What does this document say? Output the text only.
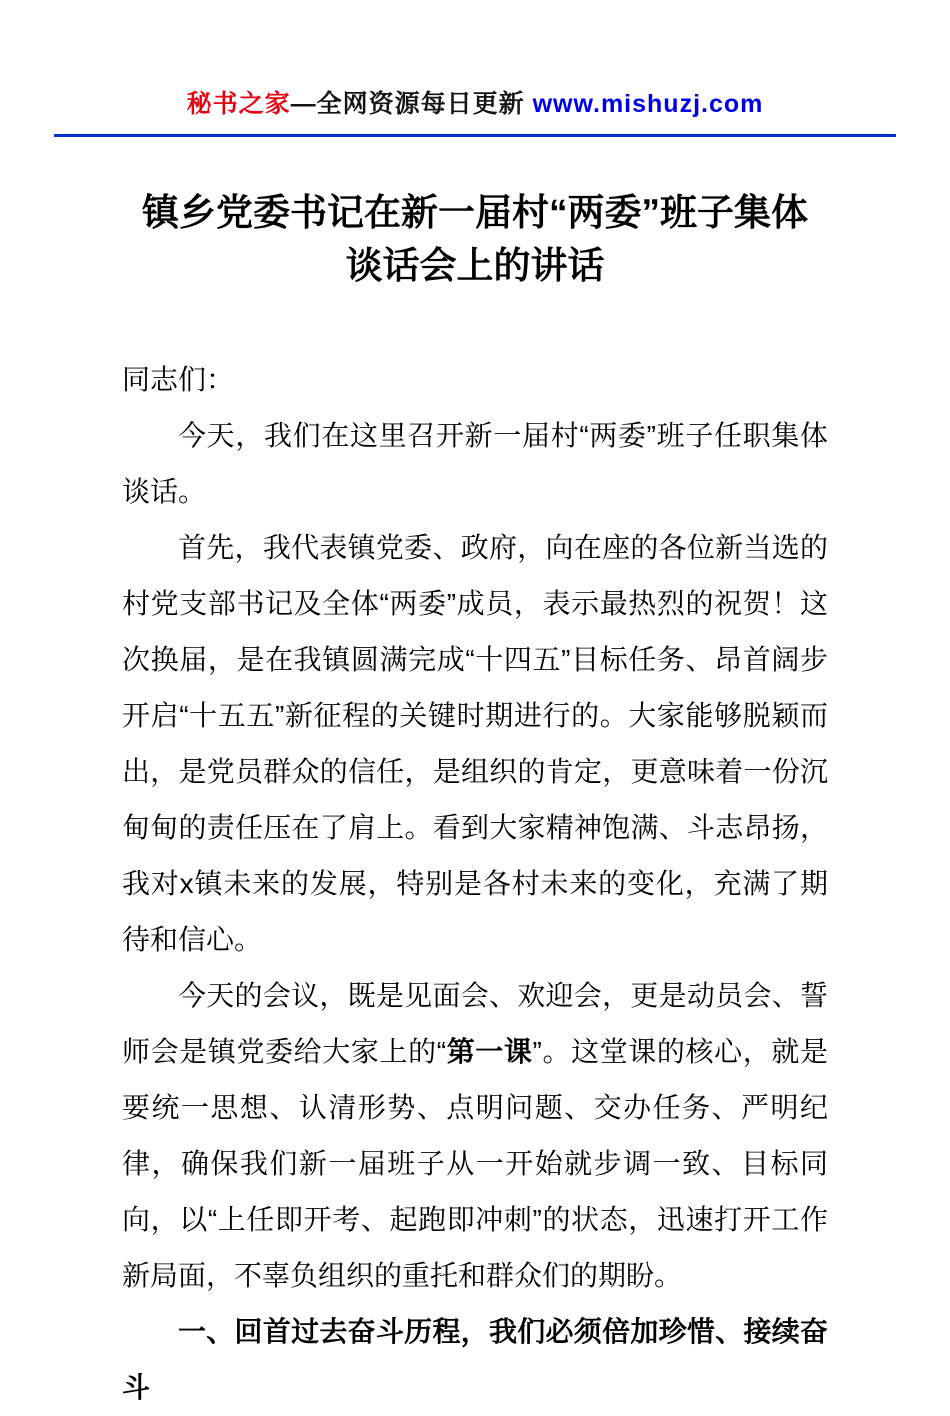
秘书之家—全网资源每日更新 www.mishuzj.com
镇乡党委书记在新一届村“两委”班子集体
谈话会上的讲话

同志们：

今天，我们在这里召开新一届村“两委”班子任职集体谈话。

首先，我代表镇党委、政府，向在座的各位新当选的村党支部书记及全体“两委”成员，表示最热烈的祝贺！这次换届，是在我镇圆满完成“十四五”目标任务、昂首阔步开启“十五五”新征程的关键时期进行的。大家能够脱颖而出，是党员群众的信任，是组织的肯定，更意味着一份沉甸甸的责任压在了肩上。看到大家精神饱满、斗志昂扬，我对x镇未来的发展，特别是各村未来的变化，充满了期待和信心。

今天的会议，既是见面会、欢迎会，更是动员会、誓师会是镇党委给大家上的“第一课”。这堂课的核心，就是要统一思想、认清形势、点明问题、交办任务、严明纪律，确保我们新一届班子从一开始就步调一致、目标同向，以“上任即开考、起跑即冲刺”的状态，迅速打开工作新局面，不辜负组织的重托和群众们的期盼。

一、回首过去奋斗历程，我们必须倍加珍惜、接续奋斗
